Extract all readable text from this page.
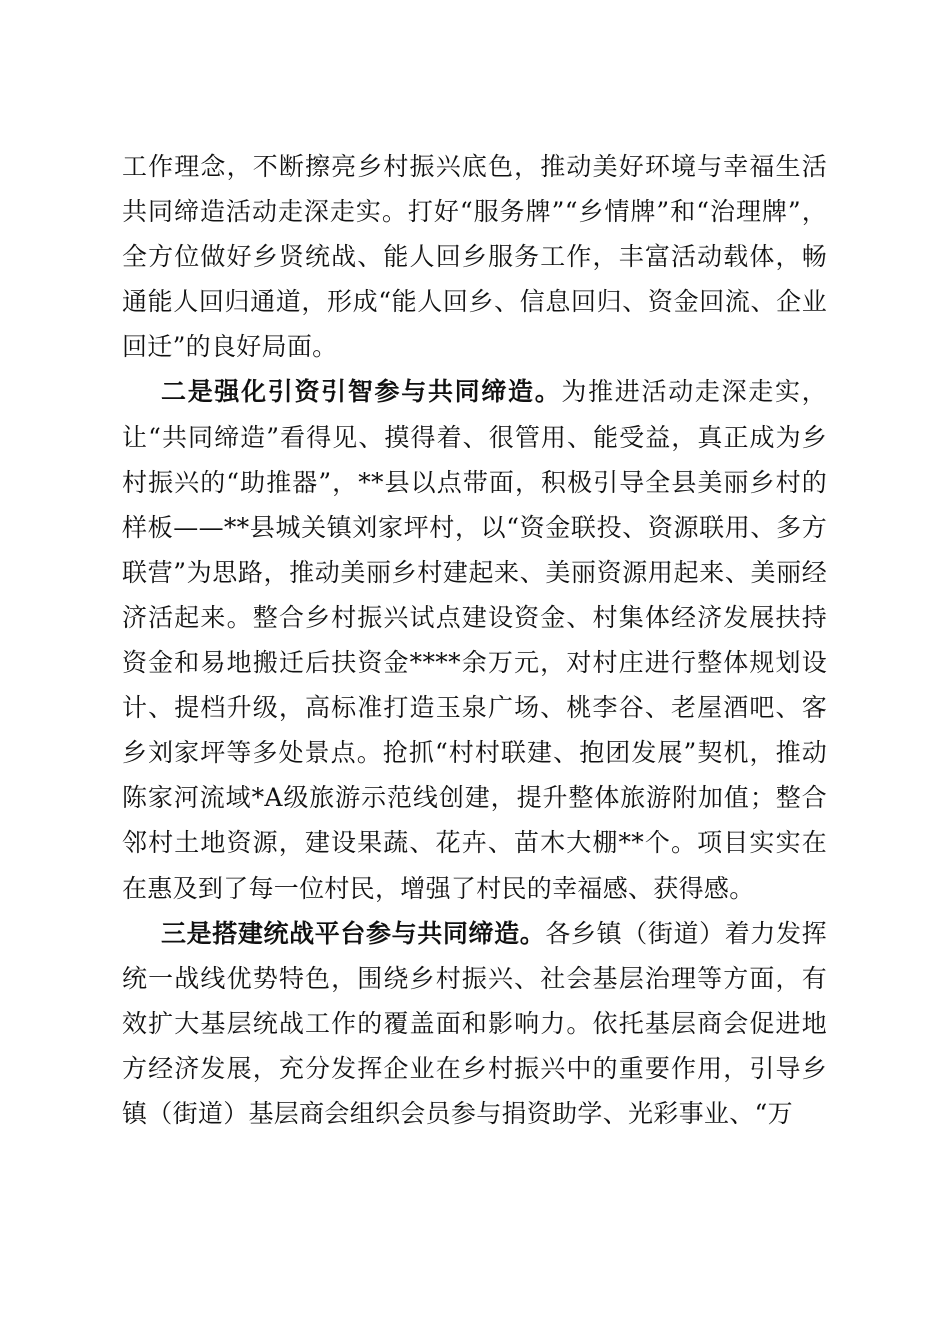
工作理念，不断擦亮乡村振兴底色，推动美好环境与幸福生活共同缔造活动走深走实。打好“服务牌”“乡情牌”和“治理牌”，全方位做好乡贤统战、能人回乡服务工作，丰富活动载体，畅通能人回归通道，形成“能人回乡、信息回归、资金回流、企业回迁”的良好局面。

二是强化引资引智参与共同缔造。为推进活动走深走实，让“共同缔造”看得见、摸得着、很管用、能受益，真正成为乡村振兴的“助推器”，**县以点带面，积极引导全县美丽乡村的样板——**县城关镇刘家坪村，以“资金联投、资源联用、多方联营”为思路，推动美丽乡村建起来、美丽资源用起来、美丽经济活起来。整合乡村振兴试点建设资金、村集体经济发展扶持资金和易地搬迁后扶资金****余万元，对村庄进行整体规划设计、提档升级，高标准打造玉泉广场、桃李谷、老屋酒吧、客乡刘家坪等多处景点。抢抓“村村联建、抱团发展”契机，推动陈家河流域*A级旅游示范线创建，提升整体旅游附加值；整合邻村土地资源，建设果蔬、花卉、苗木大棚**个。项目实实在在惠及到了每一位村民，增强了村民的幸福感、获得感。

三是搭建统战平台参与共同缔造。各乡镇（街道）着力发挥统一战线优势特色，围绕乡村振兴、社会基层治理等方面，有效扩大基层统战工作的覆盖面和影响力。依托基层商会促进地方经济发展，充分发挥企业在乡村振兴中的重要作用，引导乡镇（街道）基层商会组织会员参与捐资助学、光彩事业、“万
